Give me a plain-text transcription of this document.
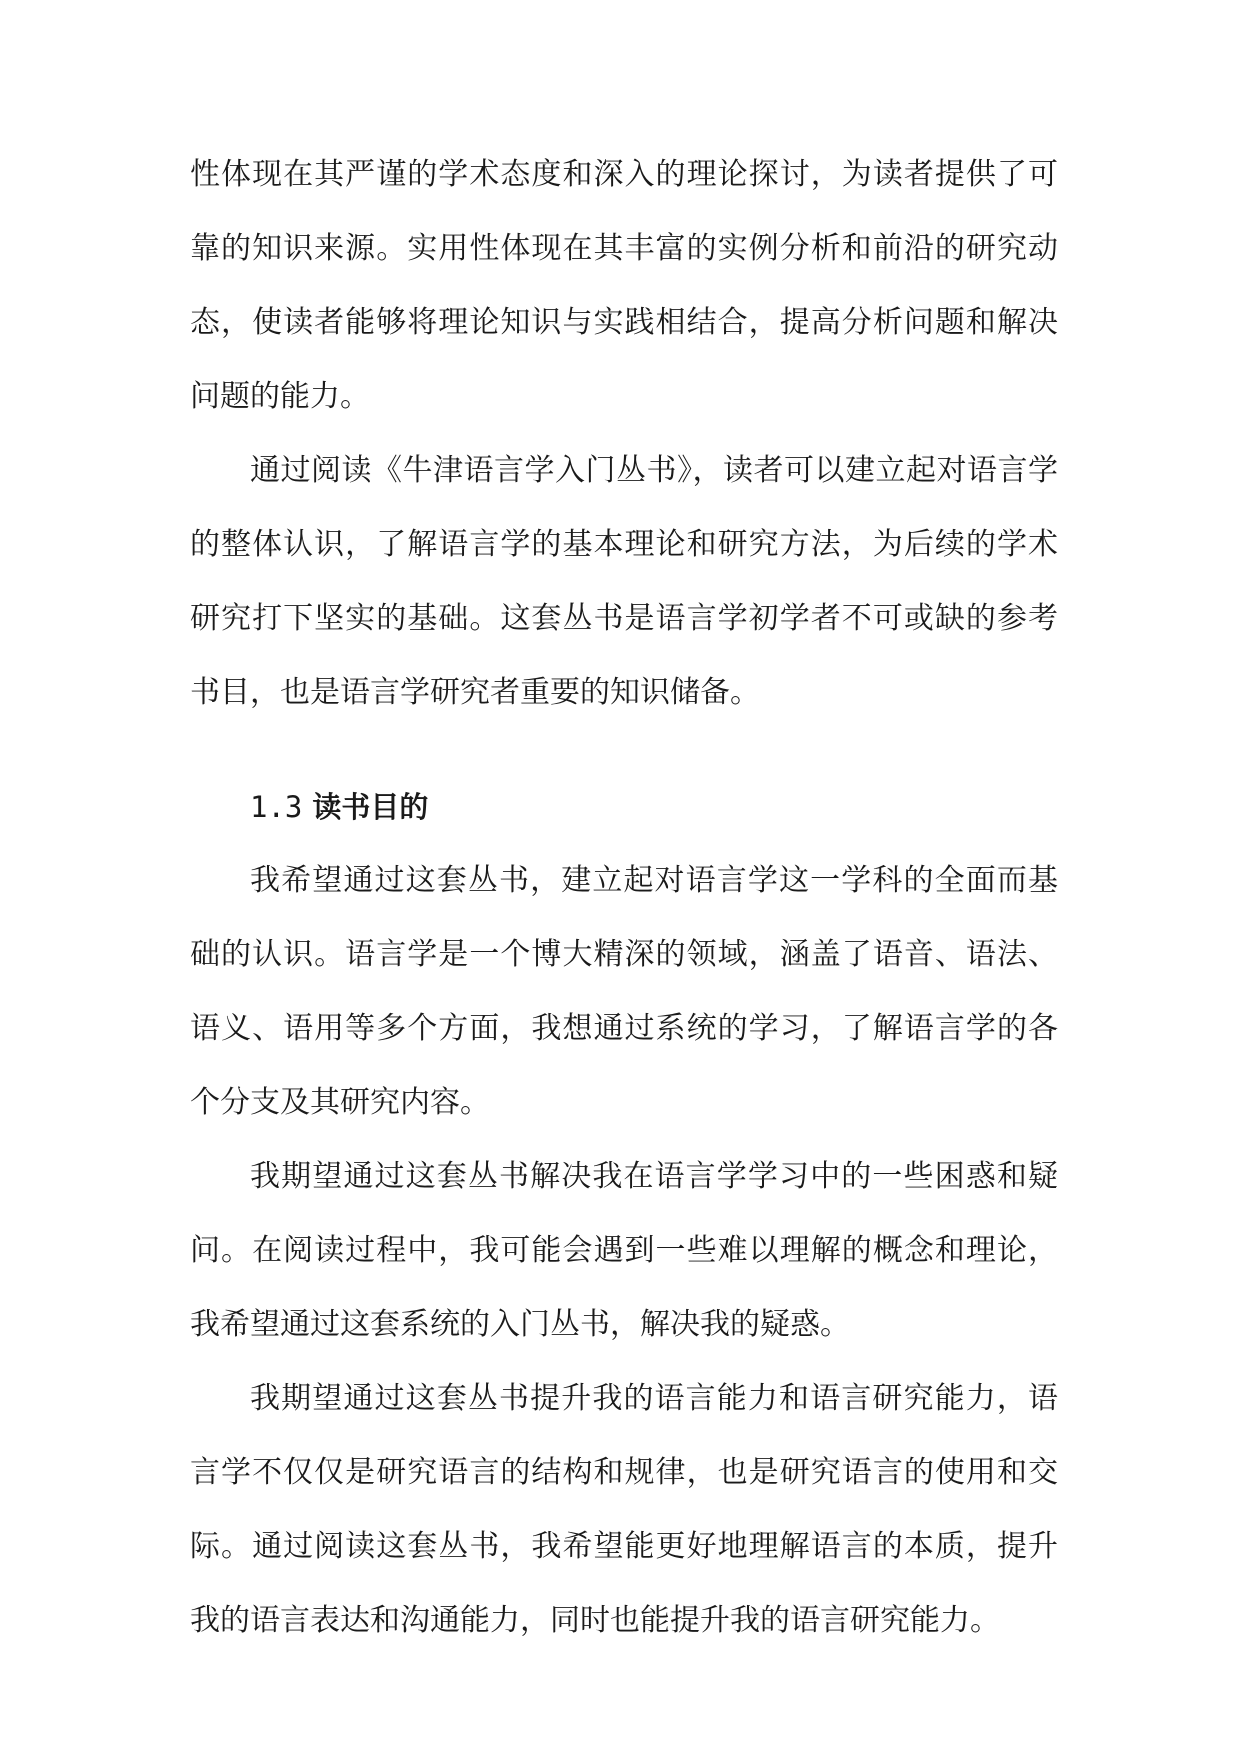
性体现在其严谨的学术态度和深入的理论探讨，为读者提供了可靠的知识来源。实用性体现在其丰富的实例分析和前沿的研究动态，使读者能够将理论知识与实践相结合，提高分析问题和解决问题的能力。

通过阅读《牛津语言学入门丛书》，读者可以建立起对语言学的整体认识，了解语言学的基本理论和研究方法，为后续的学术研究打下坚实的基础。这套丛书是语言学初学者不可或缺的参考书目，也是语言学研究者重要的知识储备。

1.3 读书目的

我希望通过这套丛书，建立起对语言学这一学科的全面而基础的认识。语言学是一个博大精深的领域，涵盖了语音、语法、语义、语用等多个方面，我想通过系统的学习，了解语言学的各个分支及其研究内容。

我期望通过这套丛书解决我在语言学学习中的一些困惑和疑问。在阅读过程中，我可能会遇到一些难以理解的概念和理论，我希望通过这套系统的入门丛书，解决我的疑惑。

我期望通过这套丛书提升我的语言能力和语言研究能力，语言学不仅仅是研究语言的结构和规律，也是研究语言的使用和交际。通过阅读这套丛书，我希望能更好地理解语言的本质，提升我的语言表达和沟通能力，同时也能提升我的语言研究能力。
